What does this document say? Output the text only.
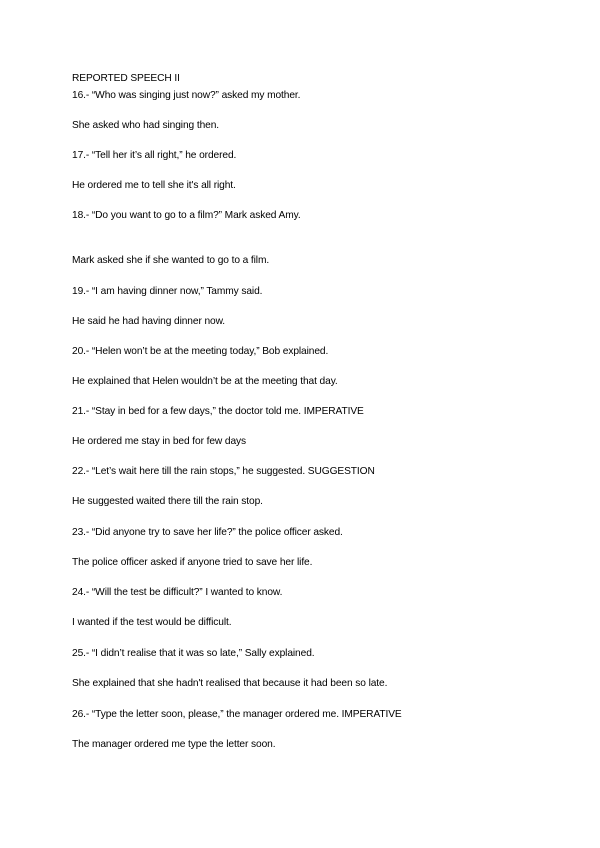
REPORTED SPEECH II
16.- “Who was singing just now?” asked my mother.
She asked who had singing then.
17.- “Tell her it’s all right,” he ordered.
He ordered me to tell she it's all right.
18.- “Do you want to go to a film?” Mark asked Amy.
Mark asked she if she wanted to go to a film.
19.- “I am having dinner now,” Tammy said.
He said he had having dinner now.
20.- “Helen won’t be at the meeting today,” Bob explained.
He explained that Helen wouldn’t be at the meeting that day.
21.- “Stay in bed for a few days,” the doctor told me. IMPERATIVE
He ordered me stay in bed for few days
22.- “Let’s wait here till the rain stops,” he suggested. SUGGESTION
He suggested waited there till the rain stop.
23.- “Did anyone try to save her life?” the police officer asked.
The police officer asked if anyone tried to save her life.
24.- “Will the test be difficult?” I wanted to know.
I wanted if the test would be difficult.
25.- “I didn’t realise that it was so late,” Sally explained.
She explained that she hadn't realised that because it had been so late.
26.- “Type the letter soon, please,” the manager ordered me. IMPERATIVE
The manager ordered me type the letter soon.
